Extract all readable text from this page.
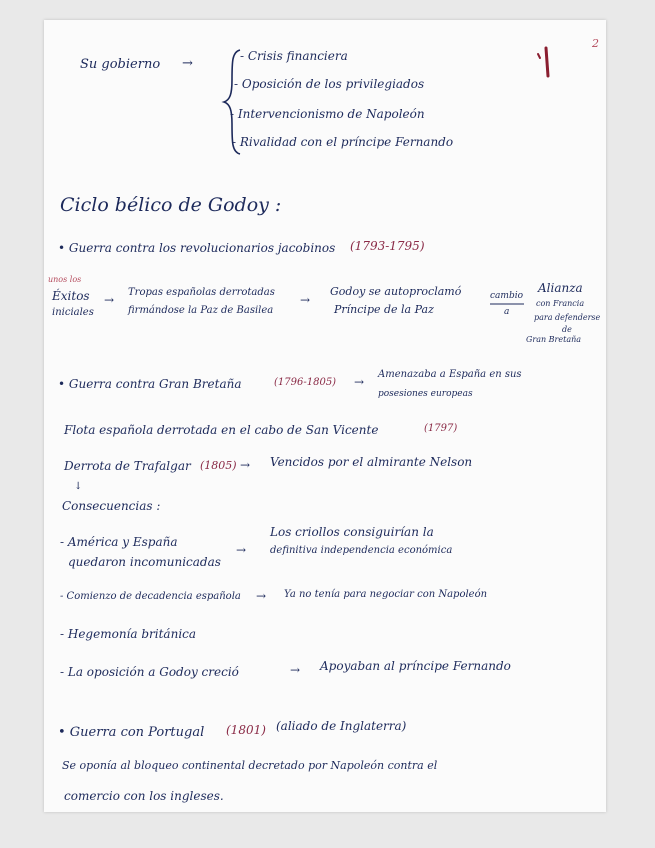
2
Su gobierno →	- Crisis financiera
- Oposición de los privilegiados
- Intervencionismo de Napoleón
- Rivalidad con el príncipe Fernando
Ciclo bélico de Godoy :
• Guerra contra los revolucionarios jacobinos (1793-1795)
unos los
Éxitos
iniciales
→
Tropas españolas derrotadas
firmándose la Paz de Basilea
→
Godoy se autoproclamó
Príncipe de la Paz
cambio
a
Alianza
con Francia
para defenderse
de
Gran Bretaña
• Guerra contra Gran Bretaña	(1796-1805) →
Amenazaba a España en sus
posesiones europeas
Flota española derrotada en el cabo de San Vicente	(1797)
Derrota de Trafalgar (1805) → Vencidos por el almirante Nelson
↓
Consecuencias :
- América y España
quedaron incomunicadas
→
Los criollos consiguirían la
definitiva independencia económica
- Comienzo de decadencia española → Ya no tenía para negociar con Napoleón
- Hegemonía británica
- La oposición a Godoy creció	→ Apoyaban al príncipe Fernando
• Guerra con Portugal (1801) (aliado de Inglaterra)
Se oponía al bloqueo continental decretado por Napoleón contra el
comercio con los ingleses.
